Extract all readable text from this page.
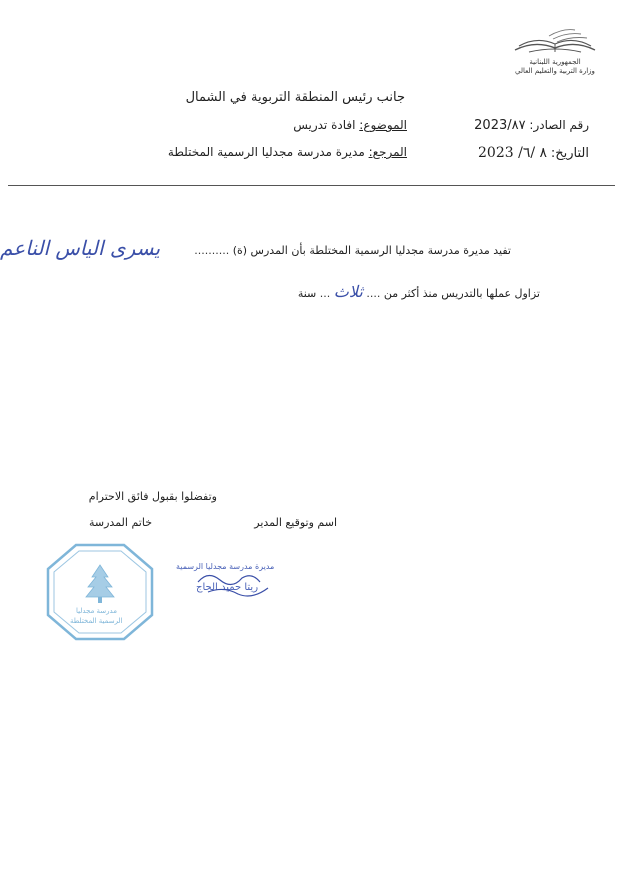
الجمهورية اللبنانية
وزارة التربية والتعليم العالي
جانب رئيس المنطقة التربوية في الشمال
رقم الصادر: 2023/٨٧
التاريخ: ٨ /٦/ 2023
الموضوع: افادة تدريس
المرجع: مديرة مدرسة مجدليا الرسمية المختلطة
تفيد مديرة مدرسة مجدليا الرسمية المختلطة بأن المدرس (ة) ..........
يسرى الياس الناعم
تزاول عملها بالتدريس منذ أكثر من .... ثلاث ... سنة
وتفضلوا بقبول فائق الاحترام
اسم وتوقيع المدير
خاتم المدرسة
مدرسة مجدليا
الرسمية المختلطة
مديرة مدرسة مجدليا الرسمية
ريتا حميد الحاج
